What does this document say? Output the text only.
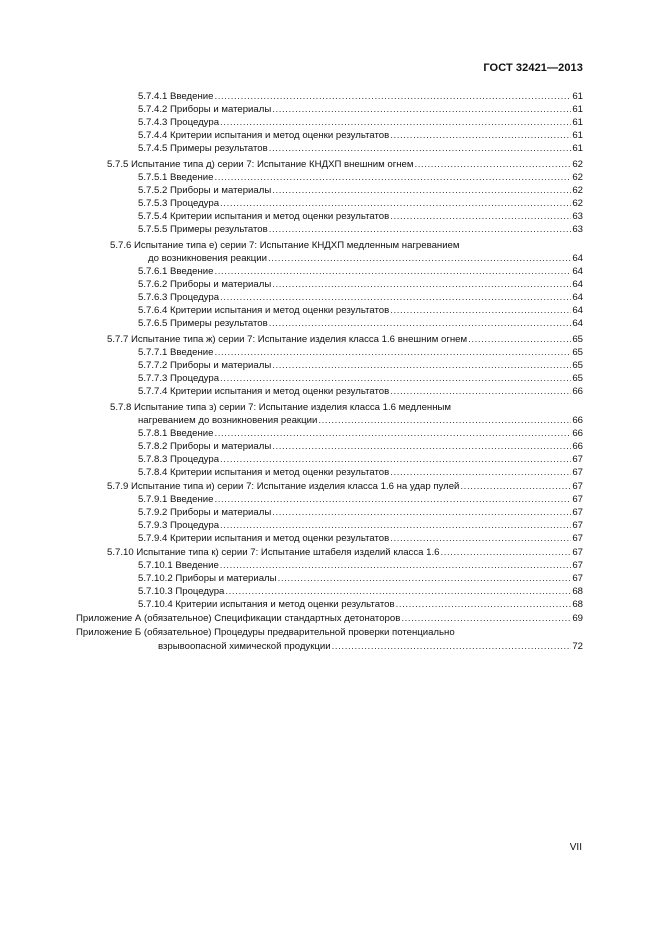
ГОСТ 32421—2013
5.7.4.1 Введение .....	61
5.7.4.2 Приборы и материалы .....	61
5.7.4.3 Процедура .....	61
5.7.4.4 Критерии испытания и метод оценки результатов .....	61
5.7.4.5 Примеры результатов .....	61
5.7.5 Испытание типа д) серии 7: Испытание КНДХП внешним огнем .....	62
5.7.5.1 Введение .....	62
5.7.5.2 Приборы и материалы .....	62
5.7.5.3 Процедура .....	62
5.7.5.4 Критерии испытания и метод оценки результатов .....	63
5.7.5.5 Примеры результатов .....	63
5.7.6 Испытание типа е) серии 7: Испытание КНДХП медленным нагреванием
до возникновения реакции .....	64
5.7.6.1 Введение .....	64
5.7.6.2 Приборы и материалы .....	64
5.7.6.3 Процедура .....	64
5.7.6.4 Критерии испытания и метод оценки результатов .....	64
5.7.6.5 Примеры результатов .....	64
5.7.7 Испытание типа ж) серии 7: Испытание изделия класса 1.6 внешним огнем .....	65
5.7.7.1 Введение .....	65
5.7.7.2 Приборы и материалы .....	65
5.7.7.3 Процедура .....	65
5.7.7.4 Критерии испытания и метод оценки результатов .....	66
5.7.8 Испытание типа з) серии 7: Испытание изделия класса 1.6 медленным
нагреванием до возникновения реакции .....	66
5.7.8.1 Введение .....	66
5.7.8.2 Приборы и материалы .....	66
5.7.8.3 Процедура .....	67
5.7.8.4 Критерии испытания и метод оценки результатов .....	67
5.7.9 Испытание типа и) серии 7: Испытание изделия класса 1.6 на удар пулей .....	67
5.7.9.1 Введение .....	67
5.7.9.2 Приборы и материалы .....	67
5.7.9.3 Процедура .....	67
5.7.9.4 Критерии испытания и метод оценки результатов .....	67
5.7.10 Испытание типа к) серии 7: Испытание штабеля изделий класса 1.6 .....	67
5.7.10.1 Введение .....	67
5.7.10.2 Приборы и материалы .....	67
5.7.10.3 Процедура .....	68
5.7.10.4 Критерии испытания и метод оценки результатов .....	68
Приложение А (обязательное) Спецификации стандартных детонаторов .....	69
Приложение Б (обязательное) Процедуры предварительной проверки потенциально
взрывоопасной химической продукции .....	72
VII
